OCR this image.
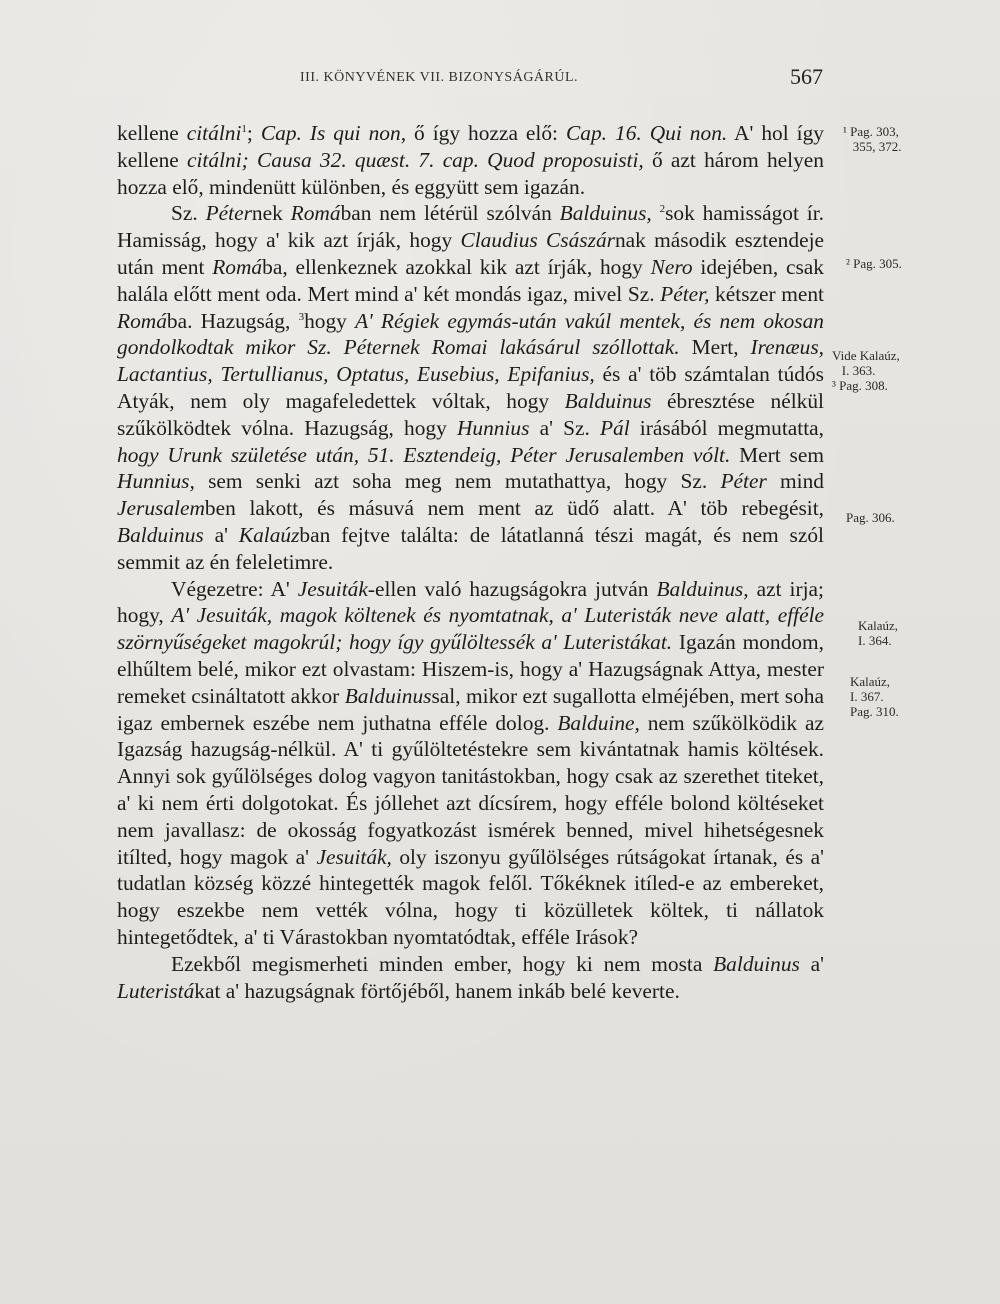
III. KÖNYVÉNEK VII. BIZONYSÁGÁRÚL.	567

kellene citálni$^1$; Cap. Is qui non, ő így hozza elő: Cap. 16. Qui non. A' hol így kellene citálni; Causa 32. quæst. 7. cap. Quod proposuisti, ő azt három helyen hozza elő, mindenütt különben, és eggyütt sem igazán.

Sz. Péternek Romában nem létérül szólván Balduinus, $^2$sok hamisságot ír. Hamisság, hogy a' kik azt írják, hogy Claudius Császárnak második esztendeje után ment Romába, ellenkeznek azokkal kik azt írják, hogy Nero idejében, csak halála előtt ment oda. Mert mind a' két mondás igaz, mivel Sz. Péter, kétszer ment Romába. Hazugság, $^3$hogy A' Régiek egymás-után vakúl mentek, és nem okosan gondolkodtak mikor Sz. Péternek Romai lakásárul szóllottak. Mert, Irenæus, Lactantius, Tertullianus, Optatus, Eusebius, Epifanius, és a' töb számtalan túdós Atyák, nem oly magafeledettek vóltak, hogy Balduinus ébresztése nélkül szűkölködtek vólna. Hazugság, hogy Hunnius a' Sz. Pál irásából megmutatta, hogy Urunk születése után, 51. Esztendeig, Péter Jerusalemben vólt. Mert sem Hunnius, sem senki azt soha meg nem mutathattya, hogy Sz. Péter mind Jerusalemben lakott, és másuvá nem ment az üdő alatt. A' töb rebegésit, Balduinus a' Kalaúzban fejtve találta: de látatlanná tészi magát, és nem szól semmit az én feleletimre.

Végezetre: A' Jesuiták-ellen való hazugságokra jutván Balduinus, azt irja; hogy, A' Jesuiták, magok költenek és nyomtatnak, a' Luteristák neve alatt, efféle szörnyűségeket magokrúl; hogy így gyűlöltessék a' Luteristákat. Igazán mondom, elhűltem belé, mikor ezt olvastam: Hiszem-is, hogy a' Hazugságnak Attya, mester remeket csináltatott akkor Balduinussal, mikor ezt sugallotta elméjében, mert soha igaz embernek eszébe nem juthatna efféle dolog. Balduine, nem szűkölködik az Igazság hazugság-nélkül. A' ti gyűlöltetéstekre sem kivántatnak hamis költések. Annyi sok gyűlölséges dolog vagyon tanitástokban, hogy csak az szerethet titeket, a' ki nem érti dolgotokat. És jóllehet azt dícsírem, hogy efféle bolond költéseket nem javallasz: de okosság fogyatkozást ismérek benned, mivel hihetségesnek itílted, hogy magok a' Jesuiták, oly iszonyu gyűlölséges rútságokat írtanak, és a' tudatlan község közzé hintegették magok felől. Tőkéknek itíled-e az embereket, hogy eszekbe nem vették vólna, hogy ti közülletek költek, ti nállatok hintegetődtek, a' ti Várastokban nyomtatódtak, efféle Irások?

Ezekből megismerheti minden ember, hogy ki nem mosta Balduinus a' Luteristákat a' hazugságnak förtőjéből, hanem inkáb belé keverte.

¹ Pag. 303,
355, 372.
² Pag. 305.
Vide Kalaúz,
I. 363.
³ Pag. 308.
Pag. 306.
Kalaúz,
I. 364.
Kalaúz,
I. 367.
Pag. 310.
